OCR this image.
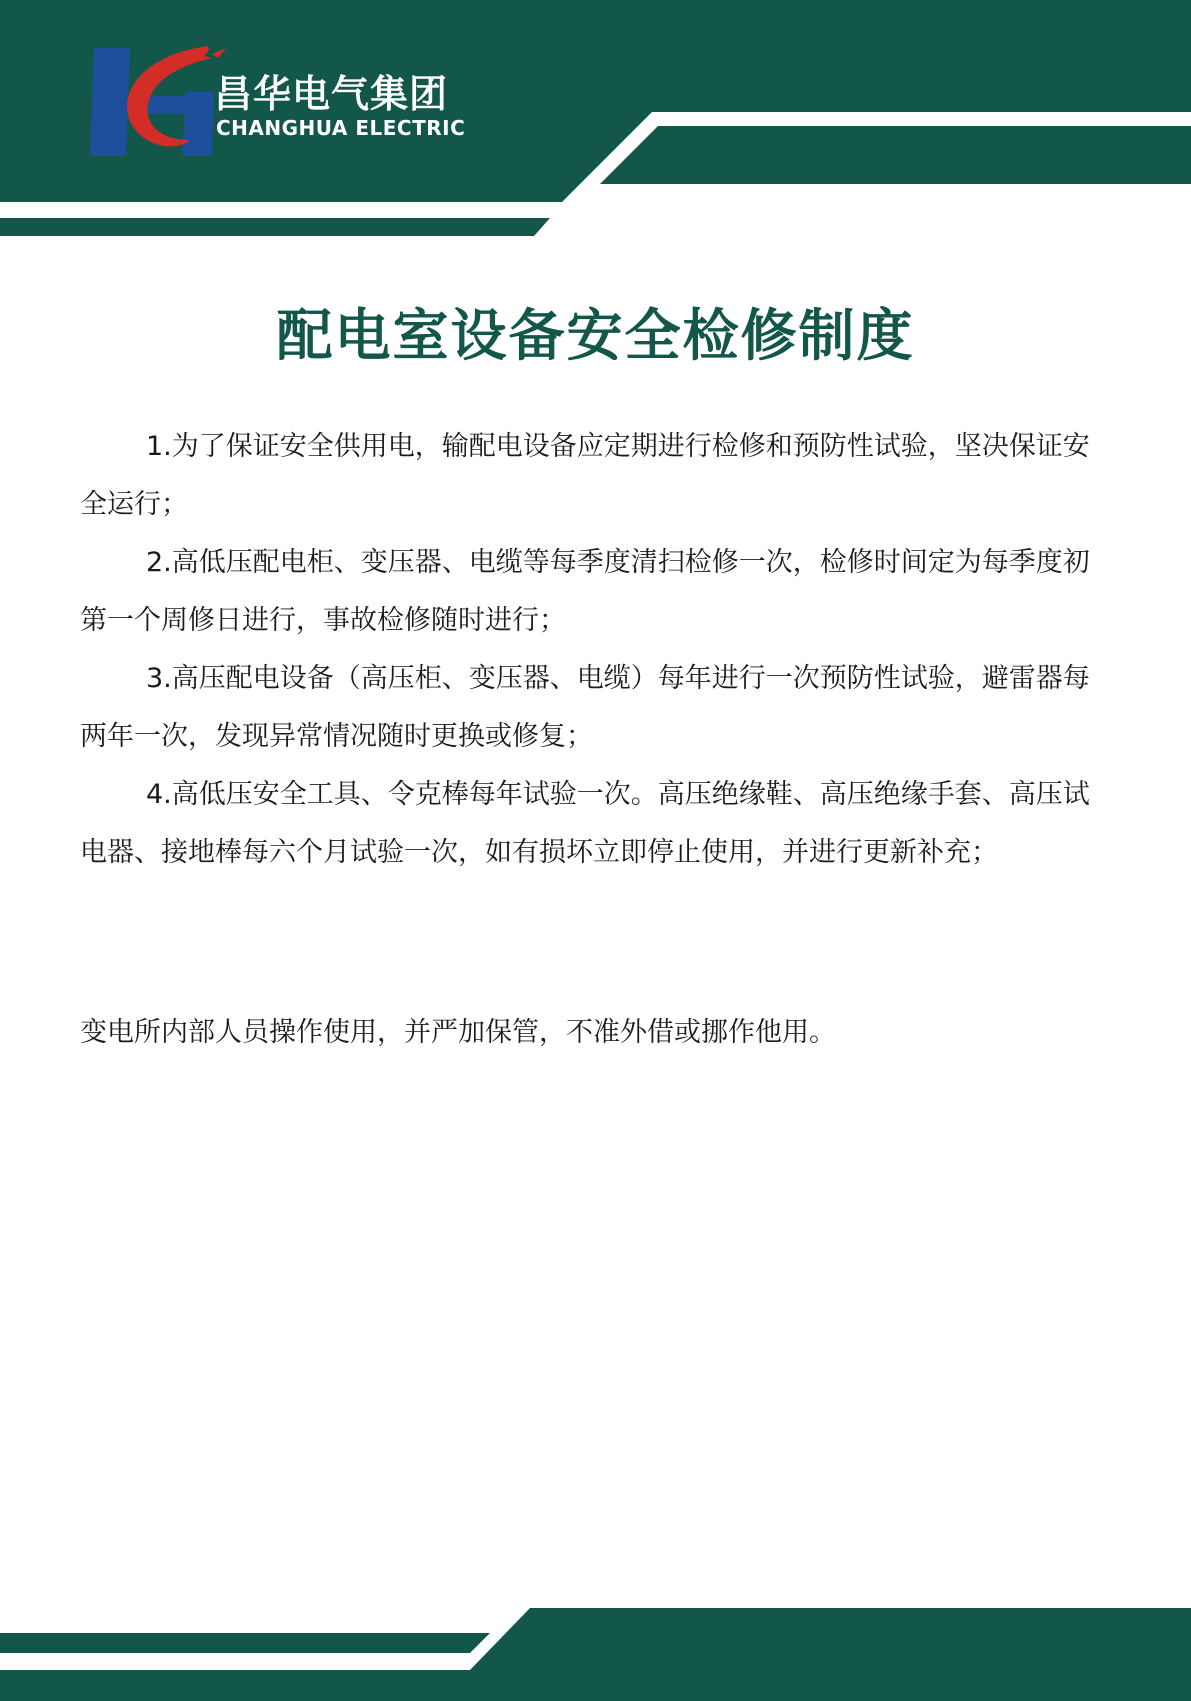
昌华电气集团
CHANGHUA ELECTRIC
配电室设备安全检修制度

1.为了保证安全供用电，输配电设备应定期进行检修和预防性试验，坚决保证安全运行；

2.高低压配电柜、变压器、电缆等每季度清扫检修一次，检修时间定为每季度初第一个周修日进行，事故检修随时进行；

3.高压配电设备（高压柜、变压器、电缆）每年进行一次预防性试验，避雷器每两年一次，发现异常情况随时更换或修复；

4.高低压安全工具、令克棒每年试验一次。高压绝缘鞋、高压绝缘手套、高压试电器、接地棒每六个月试验一次，如有损坏立即停止使用，并进行更新补充；

变电所内部人员操作使用，并严加保管，不准外借或挪作他用。
